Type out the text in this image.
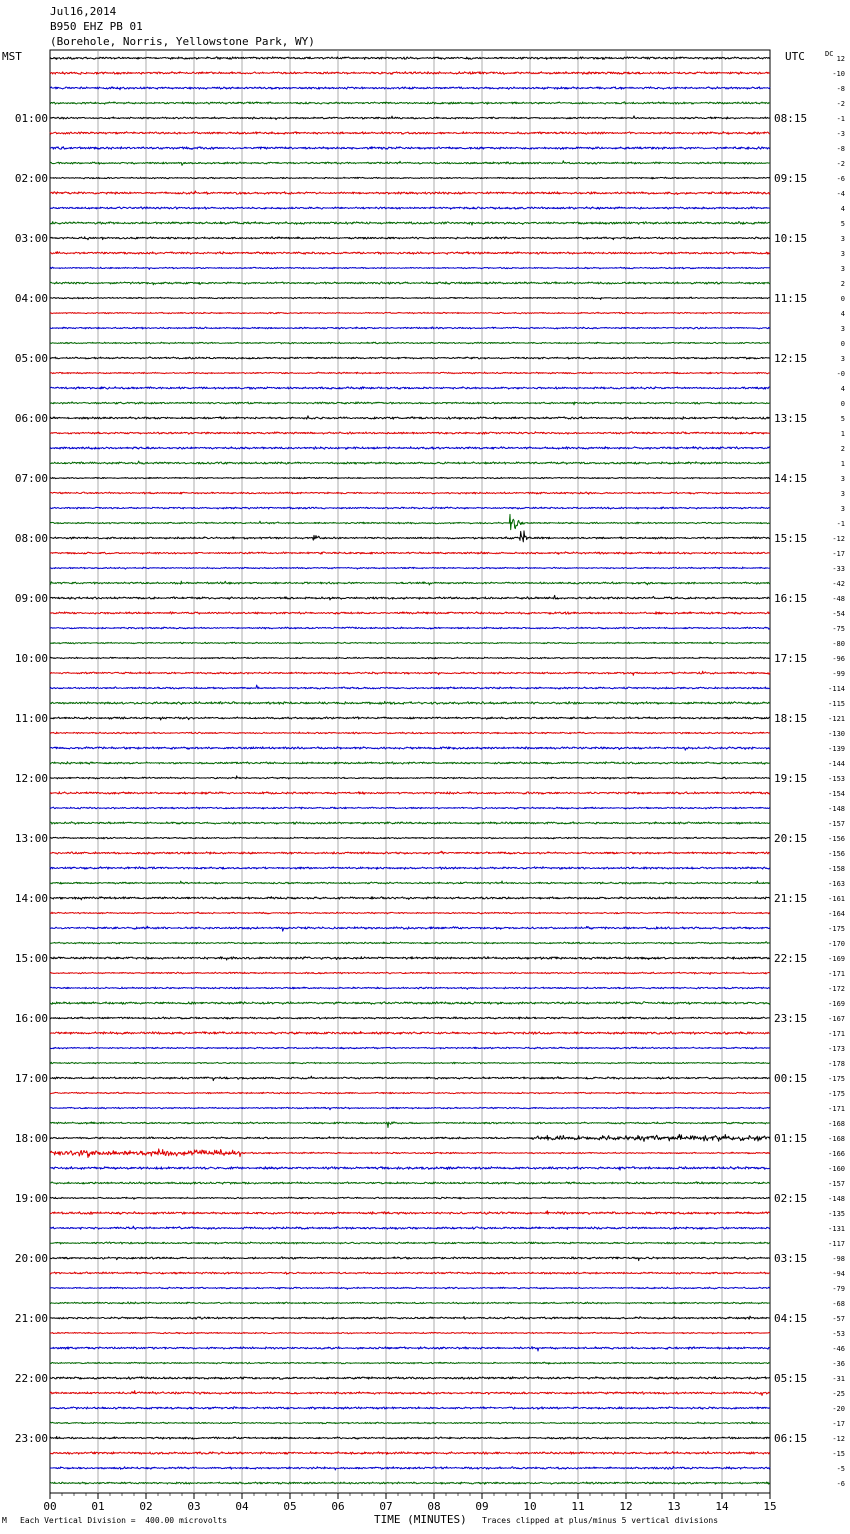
Jul16,2014
B950 EHZ PB 01
(Borehole, Norris, Yellowstone Park, WY)
MST	UTC	DC
00	01	02	03	04	05	06	07	08	09	10	11	12	13	14	15
12
-10
-8
-2
-1
-3
-8
-2
-6
-4
4
5
3
3
3
2
0
4
3
0
3
-0
4
0
5
1
2
1
3
3
3
-1
-12
-17
-33
-42
-48
-54
-75
-80
-96
-99
-114
-115
-121
-130
-139
-144
-153
-154
-148
-157
-156
-156
-158
-163
-161
-164
-175
-170
-169
-171
-172
-169
-167
-171
-173
-178
-175
-175
-171
-168
-168
-166
-160
-157
-148
-135
-131
-117
-98
-94
-79
-68
-57
-53
-46
-36
-31
-25
-20
-17
-12
-15
-5
-6
01:00
02:00
03:00
04:00
05:00
06:00
07:00
08:00
09:00
10:00
11:00
12:00
13:00
14:00
15:00
16:00
17:00
18:00
19:00
20:00
21:00
22:00
23:00
08:15
09:15
10:15
11:15
12:15
13:15
14:15
15:15
16:15
17:15
18:15
19:15
20:15
21:15
22:15
23:15
00:15
01:15
02:15
03:15
04:15
05:15
06:15
M Each Vertical Division =  400.00 microvolts	TIME (MINUTES) Traces clipped at plus/minus 5 vertical divisions
